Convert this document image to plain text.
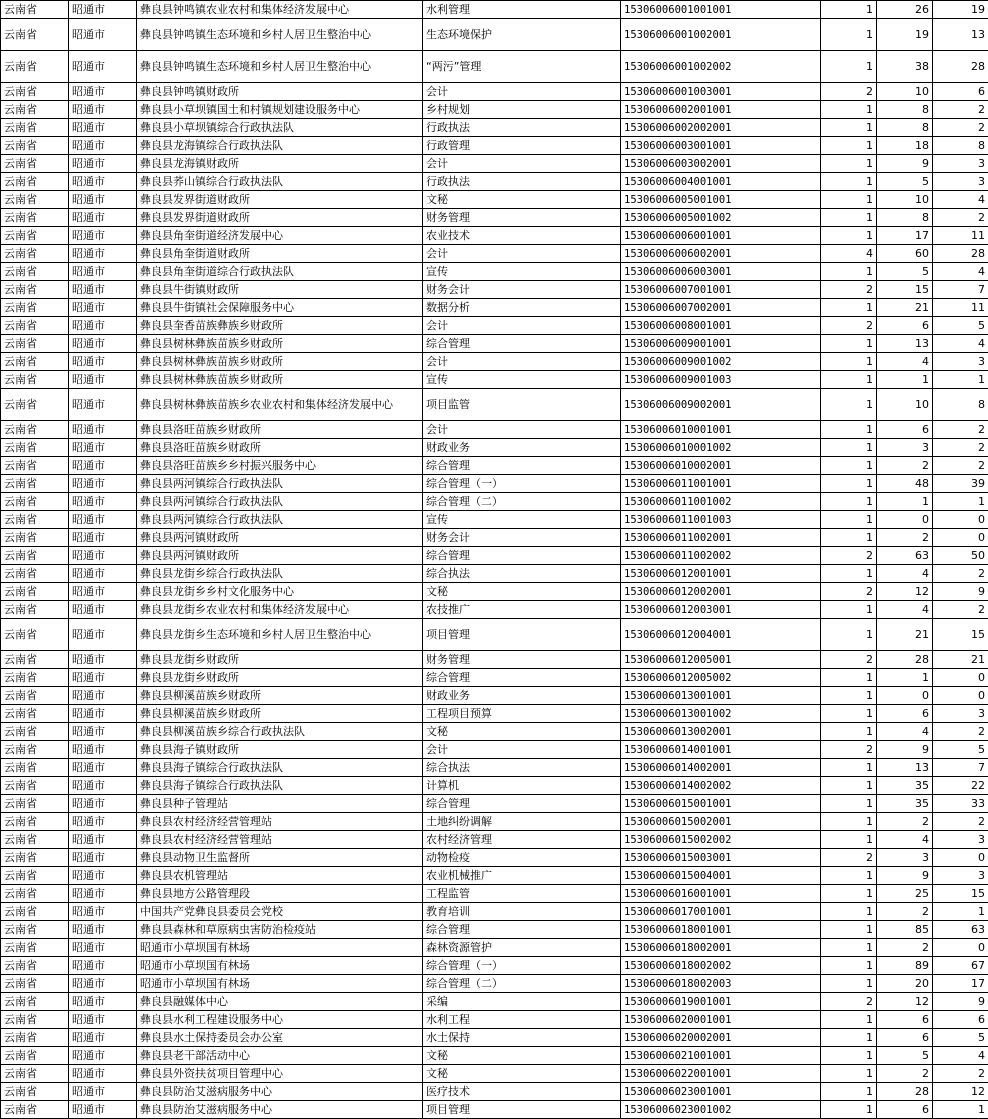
云南省	昭通市	彝良县钟鸣镇农业农村和集体经济发展中心	水利管理	15306006001001001	1	26	19
云南省	昭通市	彝良县钟鸣镇生态环境和乡村人居卫生整治中心	生态环境保护	15306006001002001	1	19	13
云南省	昭通市	彝良县钟鸣镇生态环境和乡村人居卫生整治中心	“两污”管理	15306006001002002	1	38	28
云南省	昭通市	彝良县钟鸣镇财政所	会计	15306006001003001	2	10	6
云南省	昭通市	彝良县小草坝镇国土和村镇规划建设服务中心	乡村规划	15306006002001001	1	8	2
云南省	昭通市	彝良县小草坝镇综合行政执法队	行政执法	15306006002002001	1	8	2
云南省	昭通市	彝良县龙海镇综合行政执法队	行政管理	15306006003001001	1	18	8
云南省	昭通市	彝良县龙海镇财政所	会计	15306006003002001	1	9	3
云南省	昭通市	彝良县荞山镇综合行政执法队	行政执法	15306006004001001	1	5	3
云南省	昭通市	彝良县发界街道财政所	文秘	15306006005001001	1	10	4
云南省	昭通市	彝良县发界街道财政所	财务管理	15306006005001002	1	8	2
云南省	昭通市	彝良县角奎街道经济发展中心	农业技术	15306006006001001	1	17	11
云南省	昭通市	彝良县角奎街道财政所	会计	15306006006002001	4	60	28
云南省	昭通市	彝良县角奎街道综合行政执法队	宣传	15306006006003001	1	5	4
云南省	昭通市	彝良县牛街镇财政所	财务会计	15306006007001001	2	15	7
云南省	昭通市	彝良县牛街镇社会保障服务中心	数据分析	15306006007002001	1	21	11
云南省	昭通市	彝良县奎香苗族彝族乡财政所	会计	15306006008001001	2	6	5
云南省	昭通市	彝良县树林彝族苗族乡财政所	综合管理	15306006009001001	1	13	4
云南省	昭通市	彝良县树林彝族苗族乡财政所	会计	15306006009001002	1	4	3
云南省	昭通市	彝良县树林彝族苗族乡财政所	宣传	15306006009001003	1	1	1
云南省	昭通市	彝良县树林彝族苗族乡农业农村和集体经济发展中心	项目监管	15306006009002001	1	10	8
云南省	昭通市	彝良县洛旺苗族乡财政所	会计	15306006010001001	1	6	2
云南省	昭通市	彝良县洛旺苗族乡财政所	财政业务	15306006010001002	1	3	2
云南省	昭通市	彝良县洛旺苗族乡乡村振兴服务中心	综合管理	15306006010002001	1	2	2
云南省	昭通市	彝良县两河镇综合行政执法队	综合管理（一）	15306006011001001	1	48	39
云南省	昭通市	彝良县两河镇综合行政执法队	综合管理（二）	15306006011001002	1	1	1
云南省	昭通市	彝良县两河镇综合行政执法队	宣传	15306006011001003	1	0	0
云南省	昭通市	彝良县两河镇财政所	财务会计	15306006011002001	1	2	0
云南省	昭通市	彝良县两河镇财政所	综合管理	15306006011002002	2	63	50
云南省	昭通市	彝良县龙街乡综合行政执法队	综合执法	15306006012001001	1	4	2
云南省	昭通市	彝良县龙街乡乡村文化服务中心	文秘	15306006012002001	2	12	9
云南省	昭通市	彝良县龙街乡农业农村和集体经济发展中心	农技推广	15306006012003001	1	4	2
云南省	昭通市	彝良县龙街乡生态环境和乡村人居卫生整治中心	项目管理	15306006012004001	1	21	15
云南省	昭通市	彝良县龙街乡财政所	财务管理	15306006012005001	2	28	21
云南省	昭通市	彝良县龙街乡财政所	综合管理	15306006012005002	1	1	0
云南省	昭通市	彝良县柳溪苗族乡财政所	财政业务	15306006013001001	1	0	0
云南省	昭通市	彝良县柳溪苗族乡财政所	工程项目预算	15306006013001002	1	6	3
云南省	昭通市	彝良县柳溪苗族乡综合行政执法队	文秘	15306006013002001	1	4	2
云南省	昭通市	彝良县海子镇财政所	会计	15306006014001001	2	9	5
云南省	昭通市	彝良县海子镇综合行政执法队	综合执法	15306006014002001	1	13	7
云南省	昭通市	彝良县海子镇综合行政执法队	计算机	15306006014002002	1	35	22
云南省	昭通市	彝良县种子管理站	综合管理	15306006015001001	1	35	33
云南省	昭通市	彝良县农村经济经营管理站	土地纠纷调解	15306006015002001	1	2	2
云南省	昭通市	彝良县农村经济经营管理站	农村经济管理	15306006015002002	1	4	3
云南省	昭通市	彝良县动物卫生监督所	动物检疫	15306006015003001	2	3	0
云南省	昭通市	彝良县农机管理站	农业机械推广	15306006015004001	1	9	3
云南省	昭通市	彝良县地方公路管理段	工程监管	15306006016001001	1	25	15
云南省	昭通市	中国共产党彝良县委员会党校	教育培训	15306006017001001	1	2	1
云南省	昭通市	彝良县森林和草原病虫害防治检疫站	综合管理	15306006018001001	1	85	63
云南省	昭通市	昭通市小草坝国有林场	森林资源管护	15306006018002001	1	2	0
云南省	昭通市	昭通市小草坝国有林场	综合管理（一）	15306006018002002	1	89	67
云南省	昭通市	昭通市小草坝国有林场	综合管理（二）	15306006018002003	1	20	17
云南省	昭通市	彝良县融媒体中心	采编	15306006019001001	2	12	9
云南省	昭通市	彝良县水利工程建设服务中心	水利工程	15306006020001001	1	6	6
云南省	昭通市	彝良县水土保持委员会办公室	水土保持	15306006020002001	1	6	5
云南省	昭通市	彝良县老干部活动中心	文秘	15306006021001001	1	5	4
云南省	昭通市	彝良县外资扶贫项目管理中心	文秘	15306006022001001	1	2	2
云南省	昭通市	彝良县防治艾滋病服务中心	医疗技术	15306006023001001	1	28	12
云南省	昭通市	彝良县防治艾滋病服务中心	项目管理	15306006023001002	1	6	1
